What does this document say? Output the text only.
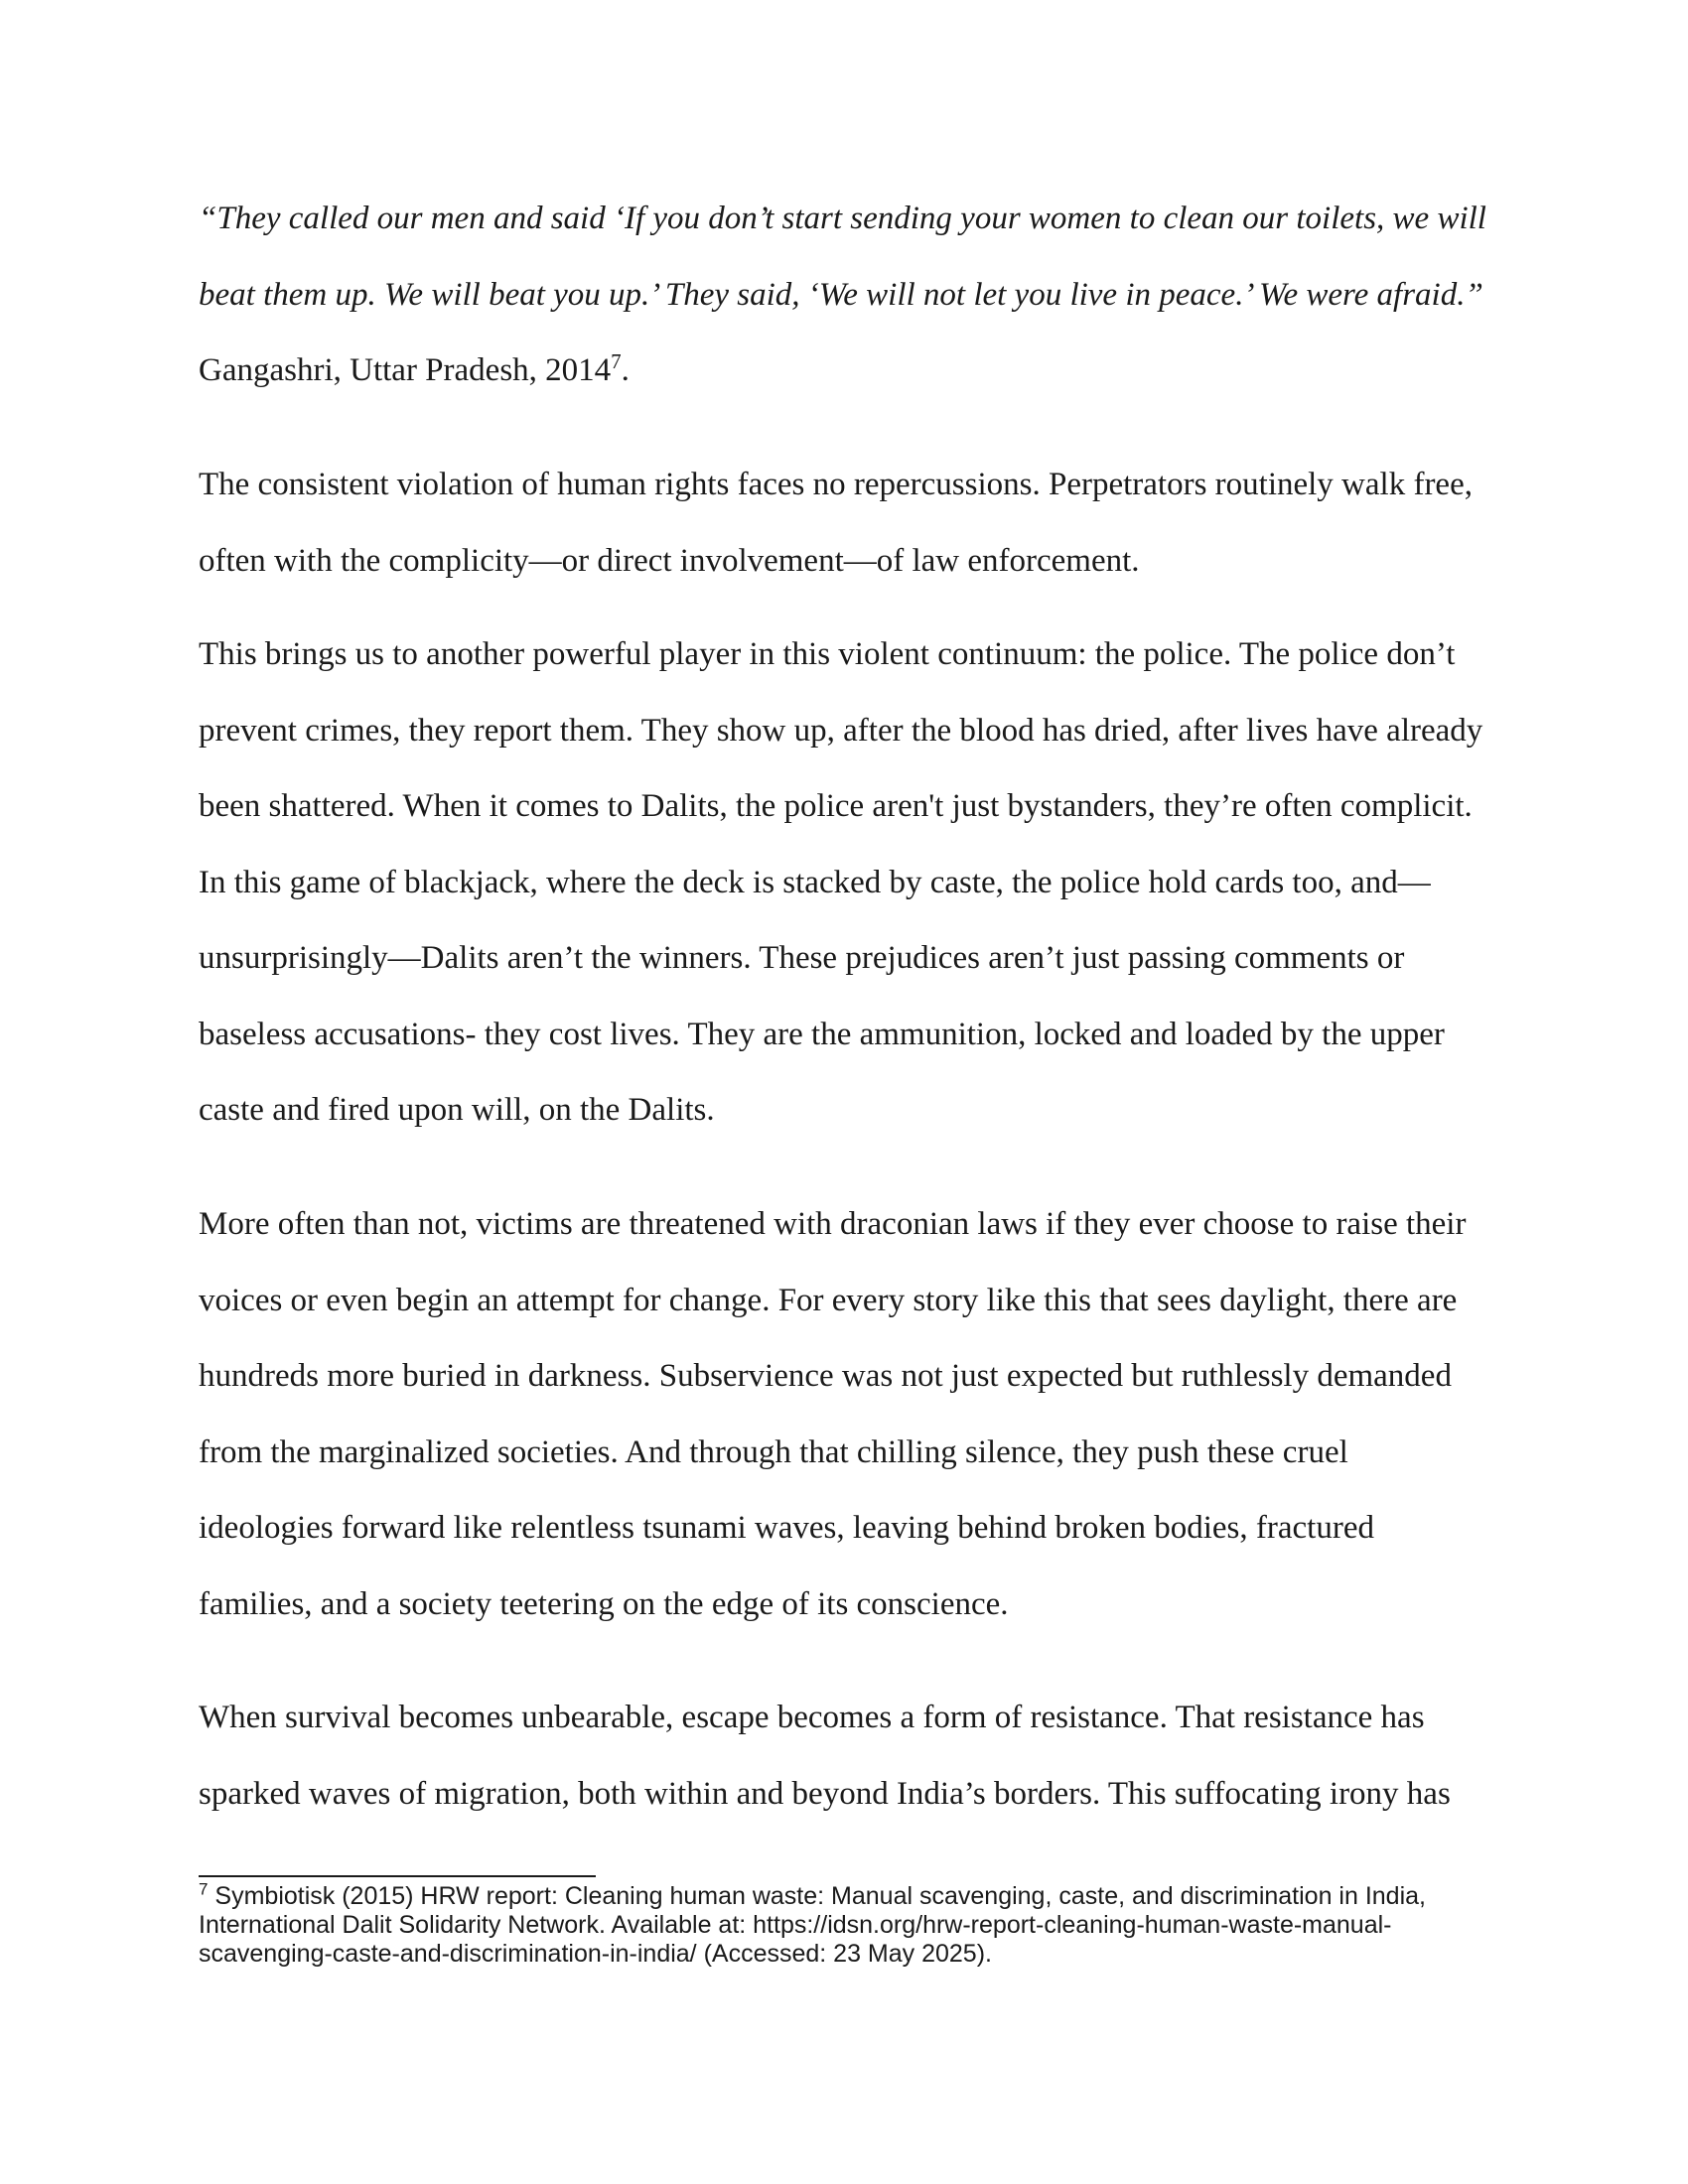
“They called our men and said ‘If you don’t start sending your women to clean our toilets, we will beat them up. We will beat you up.’ They said, ‘We will not let you live in peace.’ We were afraid.” Gangashri, Uttar Pradesh, 2014$^7$.

The consistent violation of human rights faces no repercussions. Perpetrators routinely walk free, often with the complicity—or direct involvement—of law enforcement.

This brings us to another powerful player in this violent continuum: the police. The police don’t prevent crimes, they report them. They show up, after the blood has dried, after lives have already been shattered. When it comes to Dalits, the police aren't just bystanders, they’re often complicit. In this game of blackjack, where the deck is stacked by caste, the police hold cards too, and—unsurprisingly—Dalits aren’t the winners. These prejudices aren’t just passing comments or baseless accusations- they cost lives. They are the ammunition, locked and loaded by the upper caste and fired upon will, on the Dalits.

More often than not, victims are threatened with draconian laws if they ever choose to raise their voices or even begin an attempt for change. For every story like this that sees daylight, there are hundreds more buried in darkness. Subservience was not just expected but ruthlessly demanded from the marginalized societies. And through that chilling silence, they push these cruel ideologies forward like relentless tsunami waves, leaving behind broken bodies, fractured families, and a society teetering on the edge of its conscience.

When survival becomes unbearable, escape becomes a form of resistance. That resistance has sparked waves of migration, both within and beyond India’s borders. This suffocating irony has

$^7$ Symbiotisk (2015) HRW report: Cleaning human waste: Manual scavenging, caste, and discrimination in India, International Dalit Solidarity Network. Available at: https://idsn.org/hrw-report-cleaning-human-waste-manual-scavenging-caste-and-discrimination-in-india/ (Accessed: 23 May 2025).
